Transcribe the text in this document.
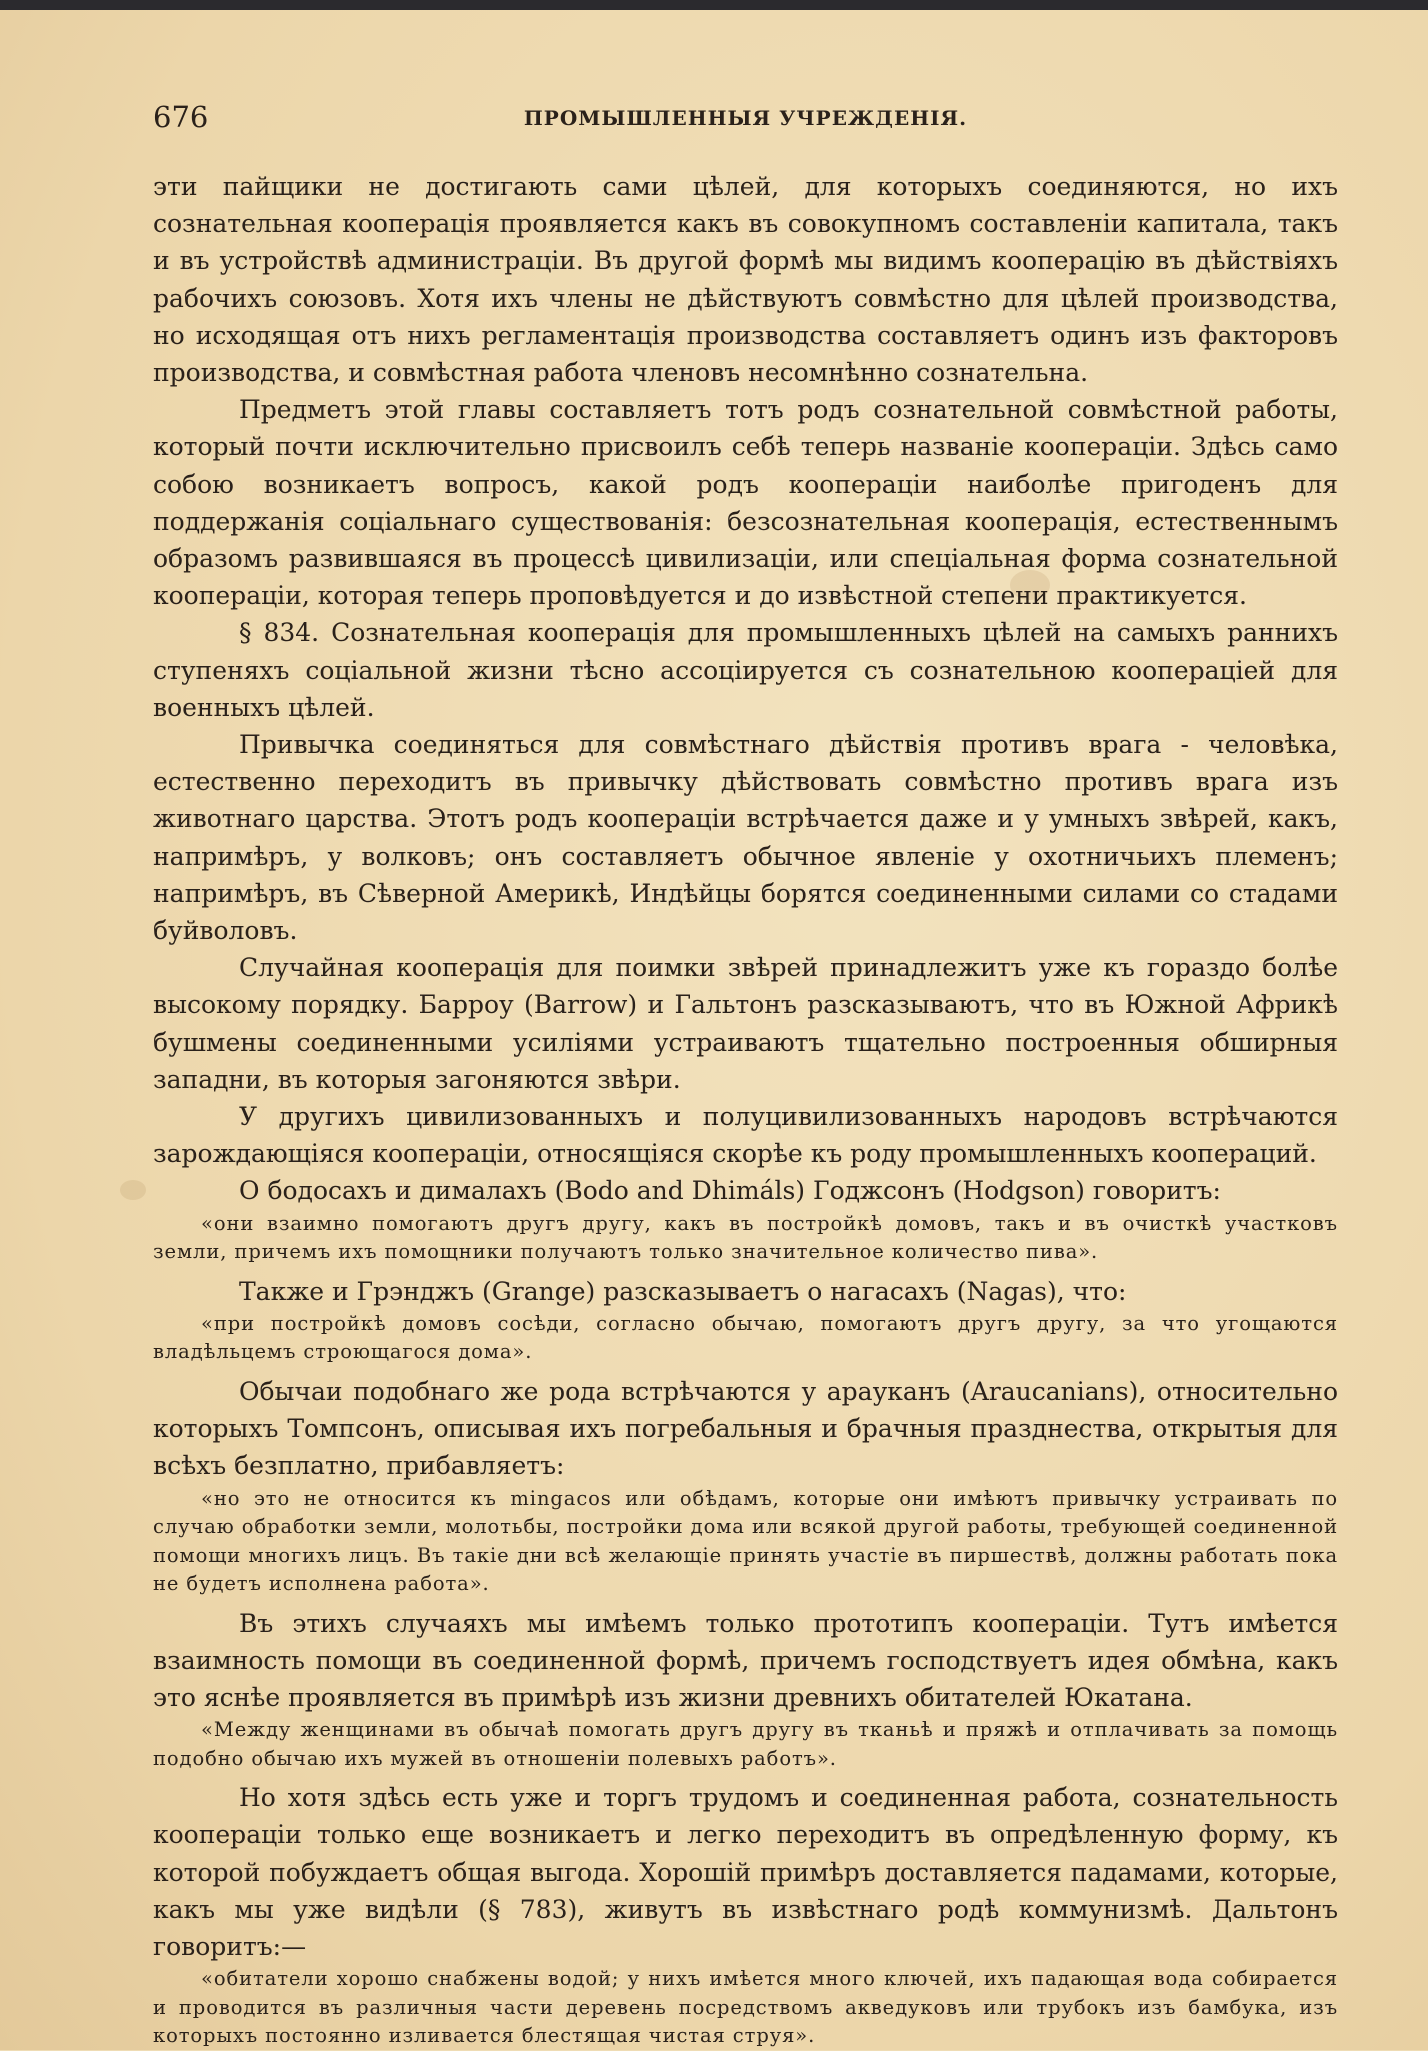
676	ПРОМЫШЛЕННЫЯ УЧРЕЖДЕНІЯ.

эти пайщики не достигають сами цѣлей, для которыхъ соединяются, но ихъ сознательная кооперація проявляется какъ въ совокупномъ составленіи капитала, такъ и въ устройствѣ администраціи. Въ другой формѣ мы видимъ кооперацію въ дѣйствіяхъ рабочихъ союзовъ. Хотя ихъ члены не дѣйствуютъ совмѣстно для цѣлей производства, но исходящая отъ нихъ регламентація производства составляетъ одинъ изъ факторовъ производства, и совмѣстная работа членовъ несомнѣнно сознательна.

Предметъ этой главы составляетъ тотъ родъ сознательной совмѣстной работы, который почти исключительно присвоилъ себѣ теперь названіе коопераціи. Здѣсь само собою возникаетъ вопросъ, какой родъ коопераціи наиболѣе пригоденъ для поддержанія соціальнаго существованія: безсознательная кооперація, естественнымъ образомъ развившаяся въ процессѣ цивилизаціи, или спеціальная форма сознательной коопераціи, которая теперь проповѣдуется и до извѣстной степени практикуется.

§ 834. Сознательная кооперація для промышленныхъ цѣлей на самыхъ раннихъ ступеняхъ соціальной жизни тѣсно ассоціируется съ сознательною коопераціей для военныхъ цѣлей.

Привычка соединяться для совмѣстнаго дѣйствія противъ врага - человѣка, естественно переходитъ въ привычку дѣйствовать совмѣстно противъ врага изъ животнаго царства. Этотъ родъ коопераціи встрѣчается даже и у умныхъ звѣрей, какъ, напримѣръ, у волковъ; онъ составляетъ обычное явленіе у охотничьихъ племенъ; напримѣръ, въ Сѣверной Америкѣ, Индѣйцы борятся соединенными силами со стадами буйволовъ.

Случайная кооперація для поимки звѣрей принадлежитъ уже къ гораздо болѣе высокому порядку. Барроу (Barrow) и Гальтонъ разсказываютъ, что въ Южной Африкѣ бушмены соединенными усиліями устраиваютъ тщательно построенныя обширныя западни, въ которыя загоняются звѣри.

У другихъ цивилизованныхъ и полуцивилизованныхъ народовъ встрѣчаются зарождающіяся коопераціи, относящіяся скорѣе къ роду промышленныхъ коопераций.

О бодосахъ и дималахъ (Bodo and Dhimáls) Годжсонъ (Hodgson) говоритъ:

«они взаимно помогаютъ другъ другу, какъ въ постройкѣ домовъ, такъ и въ очисткѣ участковъ земли, причемъ ихъ помощники получаютъ только значительное количество пива».

Также и Грэнджъ (Grange) разсказываетъ о нагасахъ (Nagas), что:

«при постройкѣ домовъ сосѣди, согласно обычаю, помогаютъ другъ другу, за что угощаются владѣльцемъ строющагося дома».

Обычаи подобнаго же рода встрѣчаются у арауканъ (Araucanians), относительно которыхъ Томпсонъ, описывая ихъ погребальныя и брачныя празднества, открытыя для всѣхъ безплатно, прибавляетъ:

«но это не относится къ mingacos или обѣдамъ, которые они имѣютъ привычку устраивать по случаю обработки земли, молотьбы, постройки дома или всякой другой работы, требующей соединенной помощи многихъ лицъ. Въ такіе дни всѣ желающіе принять участіе въ пиршествѣ, должны работать пока не будетъ исполнена работа».

Въ этихъ случаяхъ мы имѣемъ только прототипъ коопераціи. Тутъ имѣется взаимность помощи въ соединенной формѣ, причемъ господствуетъ идея обмѣна, какъ это яснѣе проявляется въ примѣрѣ изъ жизни древнихъ обитателей Юкатана.

«Между женщинами въ обычаѣ помогать другъ другу въ тканьѣ и пряжѣ и отплачивать за помощь подобно обычаю ихъ мужей въ отношеніи полевыхъ работъ».

Но хотя здѣсь есть уже и торгъ трудомъ и соединенная работа, сознательность коопераціи только еще возникаетъ и легко переходитъ въ опредѣленную форму, къ которой побуждаетъ общая выгода. Хорошій примѣръ доставляется падамами, которые, какъ мы уже видѣли (§ 783), живутъ въ извѣстнаго родѣ коммунизмѣ. Дальтонъ говоритъ:—

«обитатели хорошо снабжены водой; у нихъ имѣется много ключей, ихъ падающая вода собирается и проводится въ различныя части деревень посредствомъ акведуковъ или трубокъ изъ бамбука, изъ которыхъ постоянно изливается блестящая чистая струя».
